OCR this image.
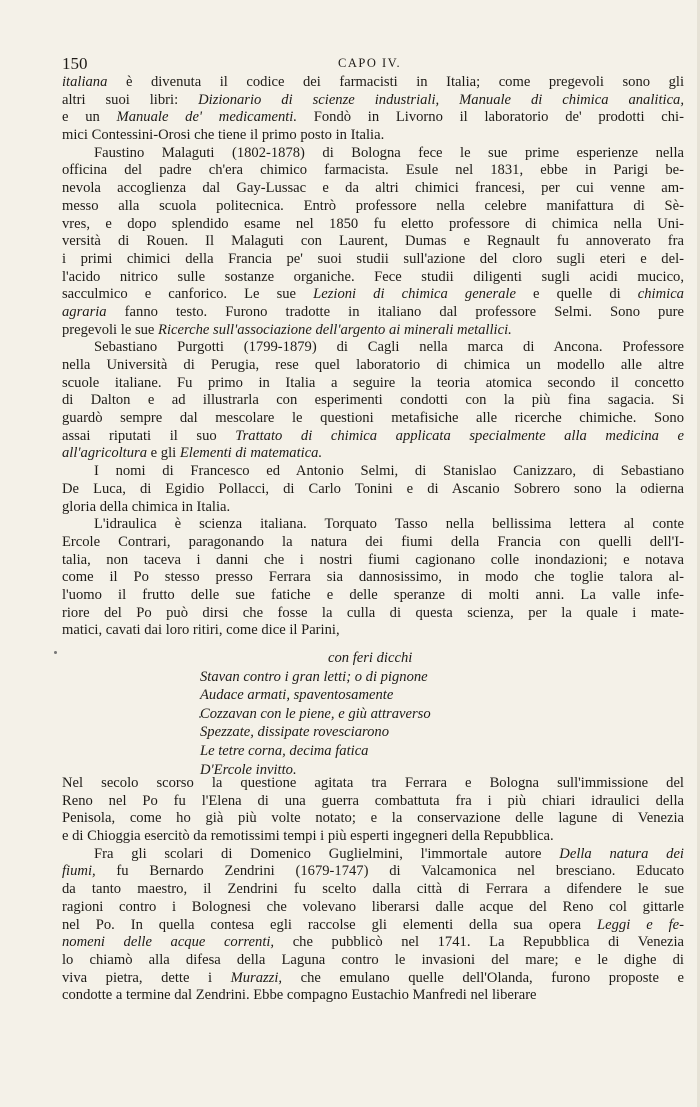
150	CAPO IV.
italiana è divenuta il codice dei farmacisti in Italia; come pregevoli sono gli
altri suoi libri: Dizionario di scienze industriali, Manuale di chimica analitica,
e un Manuale de' medicamenti. Fondò in Livorno il laboratorio de' prodotti chi-
mici Contessini-Orosi che tiene il primo posto in Italia.
Faustino Malaguti (1802-1878) di Bologna fece le sue prime esperienze nella
officina del padre ch'era chimico farmacista. Esule nel 1831, ebbe in Parigi be-
nevola accoglienza dal Gay-Lussac e da altri chimici francesi, per cui venne am-
messo alla scuola politecnica. Entrò professore nella celebre manifattura di Sè-
vres, e dopo splendido esame nel 1850 fu eletto professore di chimica nella Uni-
versità di Rouen. Il Malaguti con Laurent, Dumas e Regnault fu annoverato fra
i primi chimici della Francia pe' suoi studii sull'azione del cloro sugli eteri e del-
l'acido nitrico sulle sostanze organiche. Fece studii diligenti sugli acidi mucico,
sacculmico e canforico. Le sue Lezioni di chimica generale e quelle di chimica
agraria fanno testo. Furono tradotte in italiano dal professore Selmi. Sono pure
pregevoli le sue Ricerche sull'associazione dell'argento ai minerali metallici.
Sebastiano Purgotti (1799-1879) di Cagli nella marca di Ancona. Professore
nella Università di Perugia, rese quel laboratorio di chimica un modello alle altre
scuole italiane. Fu primo in Italia a seguire la teoria atomica secondo il concetto
di Dalton e ad illustrarla con esperimenti condotti con la più fina sagacia. Si
guardò sempre dal mescolare le questioni metafisiche alle ricerche chimiche. Sono
assai riputati il suo Trattato di chimica applicata specialmente alla medicina e
all'agricoltura e gli Elementi di matematica.
I nomi di Francesco ed Antonio Selmi, di Stanislao Canizzaro, di Sebastiano
De Luca, di Egidio Pollacci, di Carlo Tonini e di Ascanio Sobrero sono la odierna
gloria della chimica in Italia.
L'idraulica è scienza italiana. Torquato Tasso nella bellissima lettera al conte
Ercole Contrari, paragonando la natura dei fiumi della Francia con quelli dell'I-
talia, non taceva i danni che i nostri fiumi cagionano colle inondazioni; e notava
come il Po stesso presso Ferrara sia dannosissimo, in modo che toglie talora al-
l'uomo il frutto delle sue fatiche e delle speranze di molti anni. La valle infe-
riore del Po può dirsi che fosse la culla di questa scienza, per la quale i mate-
matici, cavati dai loro ritiri, come dice il Parini,
con feri dicchi
Stavan contro i gran letti; o di pignone
Audace armati, spaventosamente
Cozzavan con le piene, e giù attraverso
Spezzate, dissipate rovesciarono
Le tetre corna, decima fatica
D'Ercole invitto.
Nel secolo scorso la questione agitata tra Ferrara e Bologna sull'immissione del
Reno nel Po fu l'Elena di una guerra combattuta fra i più chiari idraulici della
Penisola, come ho già più volte notato; e la conservazione delle lagune di Venezia
e di Chioggia esercitò da remotissimi tempi i più esperti ingegneri della Repubblica.
Fra gli scolari di Domenico Guglielmini, l'immortale autore Della natura dei
fiumi, fu Bernardo Zendrini (1679-1747) di Valcamonica nel bresciano. Educato
da tanto maestro, il Zendrini fu scelto dalla città di Ferrara a difendere le sue
ragioni contro i Bolognesi che volevano liberarsi dalle acque del Reno col gittarle
nel Po. In quella contesa egli raccolse gli elementi della sua opera Leggi e fe-
nomeni delle acque correnti, che pubblicò nel 1741. La Repubblica di Venezia
lo chiamò alla difesa della Laguna contro le invasioni del mare; e le dighe di
viva pietra, dette i Murazzi, che emulano quelle dell'Olanda, furono proposte e
condotte a termine dal Zendrini. Ebbe compagno Eustachio Manfredi nel liberare
